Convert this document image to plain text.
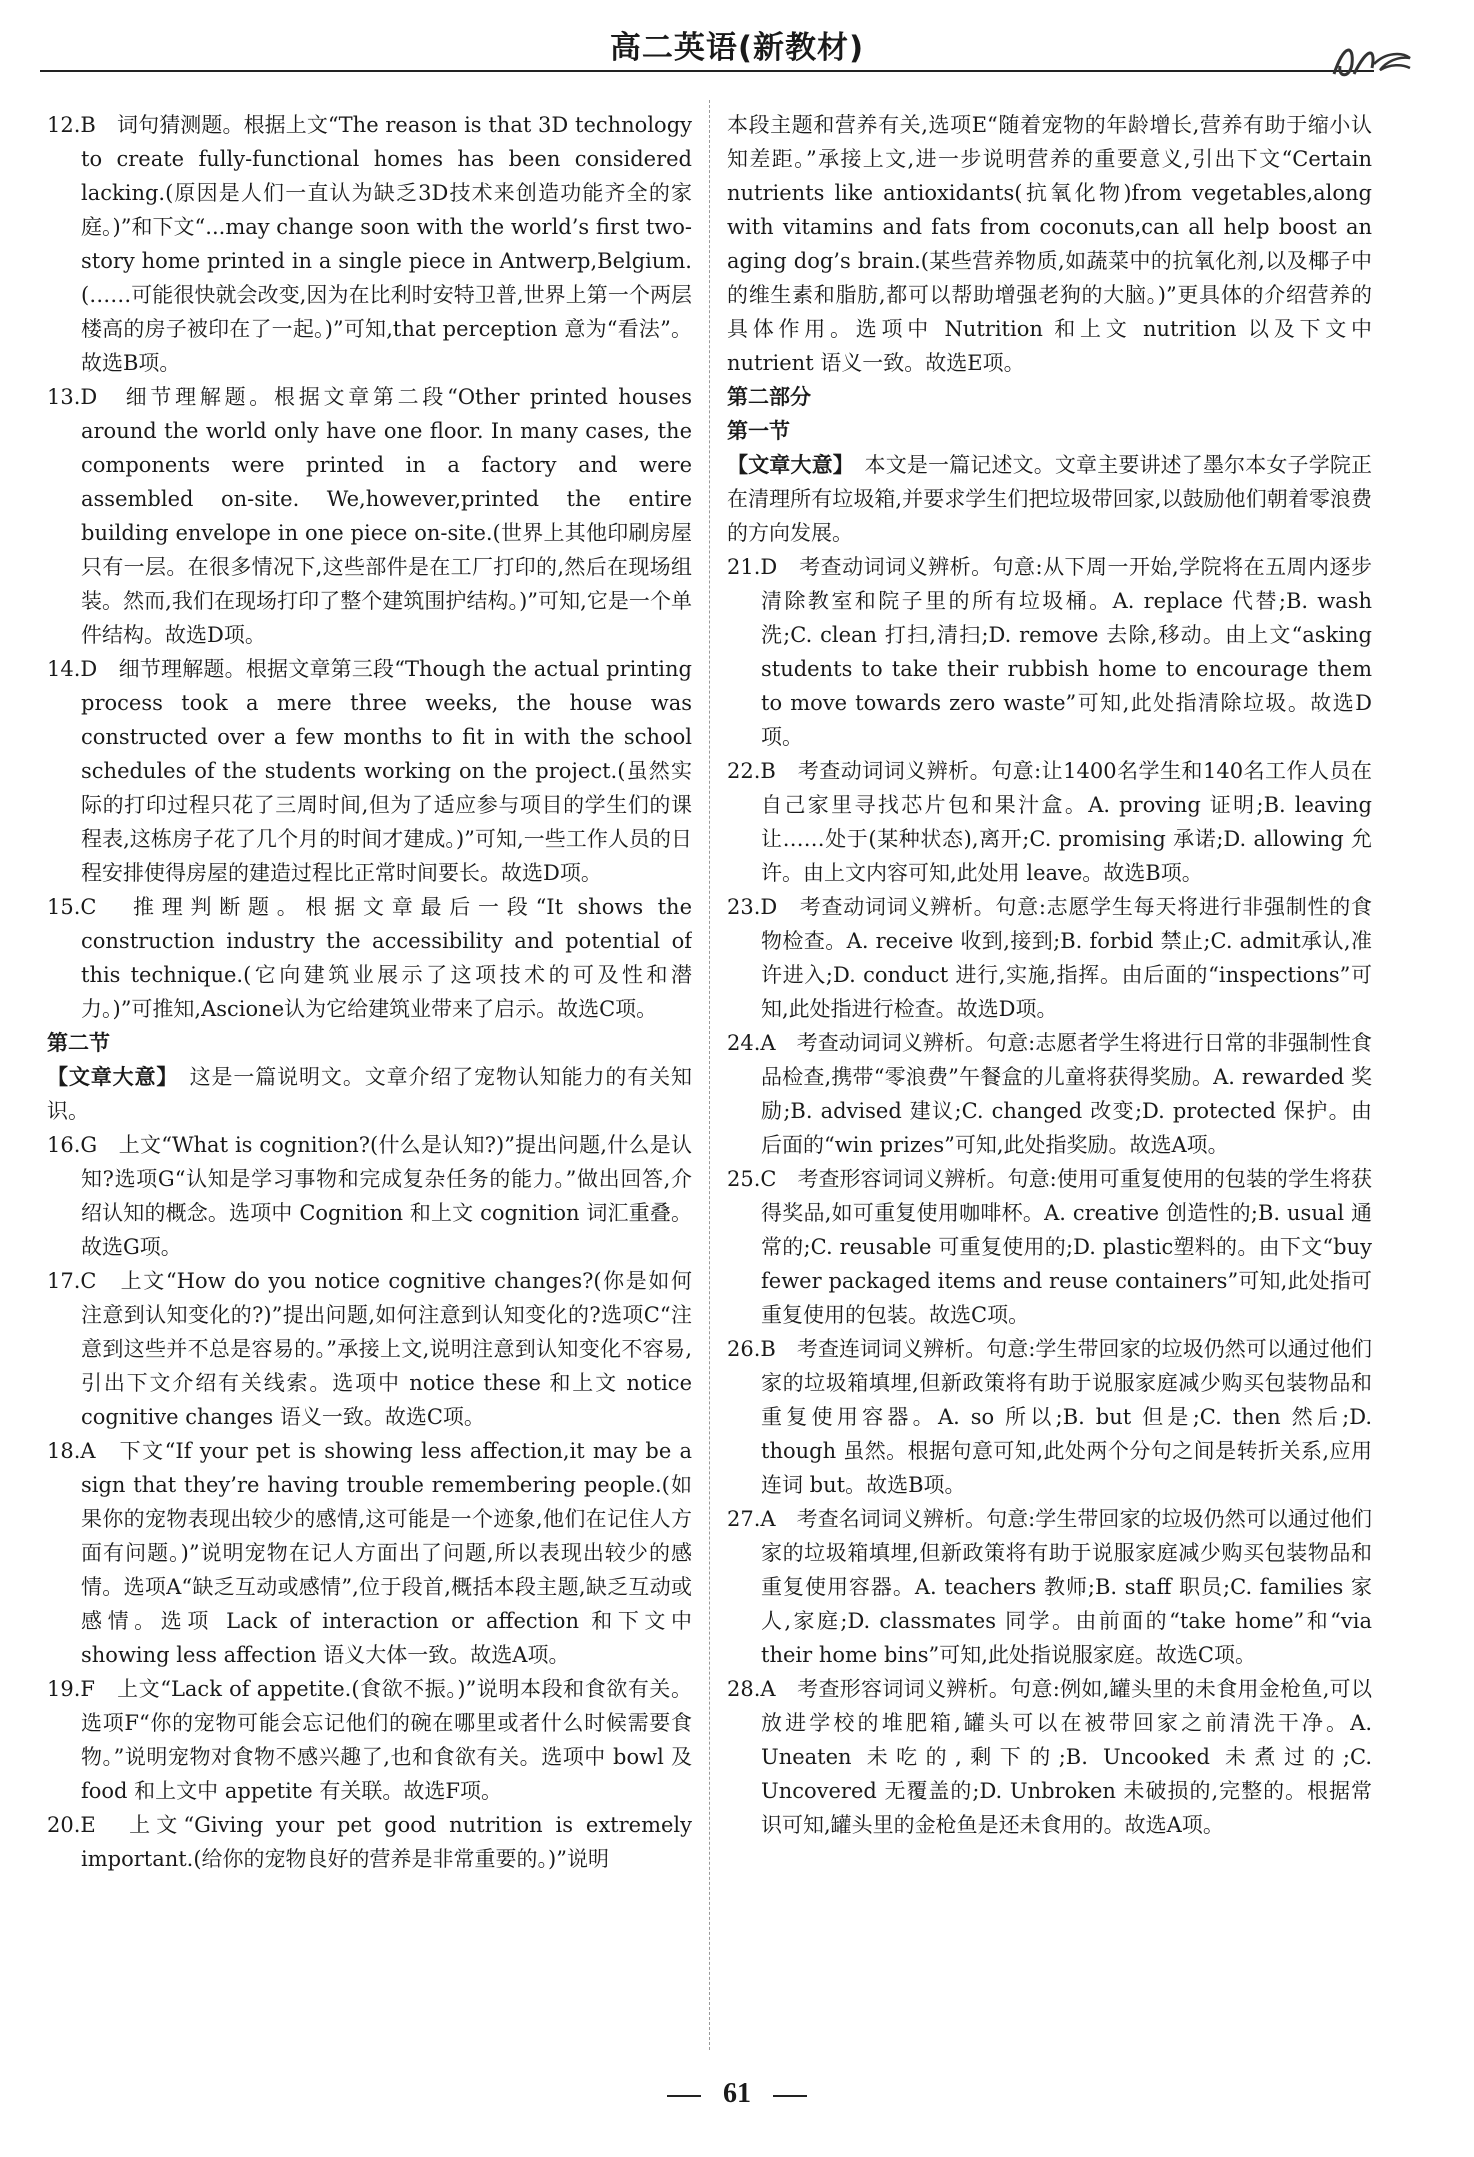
高二英语(新教材)

12.B　词句猜测题。根据上文“The reason is that 3D technology to create fully-functional homes has been considered lacking.(原因是人们一直认为缺乏3D技术来创造功能齐全的家庭。)”和下文“...may change soon with the world’s first two-story home printed in a single piece in Antwerp,Belgium.(……可能很快就会改变,因为在比利时安特卫普,世界上第一个两层楼高的房子被印在了一起。)”可知,that perception 意为“看法”。故选B项。

13.D　细节理解题。根据文章第二段“Other printed houses around the world only have one floor. In many cases, the components were printed in a factory and were assembled on-site. We,however,printed the entire building envelope in one piece on-site.(世界上其他印刷房屋只有一层。在很多情况下,这些部件是在工厂打印的,然后在现场组装。然而,我们在现场打印了整个建筑围护结构。)”可知,它是一个单件结构。故选D项。

14.D　细节理解题。根据文章第三段“Though the actual printing process took a mere three weeks, the house was constructed over a few months to fit in with the school schedules of the students working on the project.(虽然实际的打印过程只花了三周时间,但为了适应参与项目的学生们的课程表,这栋房子花了几个月的时间才建成。)”可知,一些工作人员的日程安排使得房屋的建造过程比正常时间要长。故选D项。

15.C　推理判断题。根据文章最后一段“It shows the construction industry the accessibility and potential of this technique.(它向建筑业展示了这项技术的可及性和潜力。)”可推知,Ascione认为它给建筑业带来了启示。故选C项。

第二节

【文章大意】　这是一篇说明文。文章介绍了宠物认知能力的有关知识。

16.G　上文“What is cognition?(什么是认知?)”提出问题,什么是认知?选项G“认知是学习事物和完成复杂任务的能力。”做出回答,介绍认知的概念。选项中 Cognition 和上文 cognition 词汇重叠。故选G项。

17.C　上文“How do you notice cognitive changes?(你是如何注意到认知变化的?)”提出问题,如何注意到认知变化的?选项C“注意到这些并不总是容易的。”承接上文,说明注意到认知变化不容易,引出下文介绍有关线索。选项中 notice these 和上文 notice cognitive changes 语义一致。故选C项。

18.A　下文“If your pet is showing less affection,it may be a sign that they’re having trouble remembering people.(如果你的宠物表现出较少的感情,这可能是一个迹象,他们在记住人方面有问题。)”说明宠物在记人方面出了问题,所以表现出较少的感情。选项A“缺乏互动或感情”,位于段首,概括本段主题,缺乏互动或感情。选项 Lack of interaction or affection 和下文中 showing less affection 语义大体一致。故选A项。

19.F　上文“Lack of appetite.(食欲不振。)”说明本段和食欲有关。选项F“你的宠物可能会忘记他们的碗在哪里或者什么时候需要食物。”说明宠物对食物不感兴趣了,也和食欲有关。选项中 bowl 及 food 和上文中 appetite 有关联。故选F项。

20.E　上文“Giving your pet good nutrition is extremely important.(给你的宠物良好的营养是非常重要的。)”说明

本段主题和营养有关,选项E“随着宠物的年龄增长,营养有助于缩小认知差距。”承接上文,进一步说明营养的重要意义,引出下文“Certain nutrients like antioxidants(抗氧化物)from vegetables,along with vitamins and fats from coconuts,can all help boost an aging dog’s brain.(某些营养物质,如蔬菜中的抗氧化剂,以及椰子中的维生素和脂肪,都可以帮助增强老狗的大脑。)”更具体的介绍营养的具体作用。选项中 Nutrition 和上文 nutrition 以及下文中 nutrient 语义一致。故选E项。

第二部分

第一节

【文章大意】　本文是一篇记述文。文章主要讲述了墨尔本女子学院正在清理所有垃圾箱,并要求学生们把垃圾带回家,以鼓励他们朝着零浪费的方向发展。

21.D　考查动词词义辨析。句意:从下周一开始,学院将在五周内逐步清除教室和院子里的所有垃圾桶。A. replace 代替;B. wash 洗;C. clean 打扫,清扫;D. remove 去除,移动。由上文“asking students to take their rubbish home to encourage them to move towards zero waste”可知,此处指清除垃圾。故选D项。

22.B　考查动词词义辨析。句意:让1400名学生和140名工作人员在自己家里寻找芯片包和果汁盒。A. proving 证明;B. leaving 让……处于(某种状态),离开;C. promising 承诺;D. allowing 允许。由上文内容可知,此处用 leave。故选B项。

23.D　考查动词词义辨析。句意:志愿学生每天将进行非强制性的食物检查。A. receive 收到,接到;B. forbid 禁止;C. admit承认,准许进入;D. conduct 进行,实施,指挥。由后面的“inspections”可知,此处指进行检查。故选D项。

24.A　考查动词词义辨析。句意:志愿者学生将进行日常的非强制性食品检查,携带“零浪费”午餐盒的儿童将获得奖励。A. rewarded 奖励;B. advised 建议;C. changed 改变;D. protected 保护。由后面的“win prizes”可知,此处指奖励。故选A项。

25.C　考查形容词词义辨析。句意:使用可重复使用的包装的学生将获得奖品,如可重复使用咖啡杯。A. creative 创造性的;B. usual 通常的;C. reusable 可重复使用的;D. plastic塑料的。由下文“buy fewer packaged items and reuse containers”可知,此处指可重复使用的包装。故选C项。

26.B　考查连词词义辨析。句意:学生带回家的垃圾仍然可以通过他们家的垃圾箱填埋,但新政策将有助于说服家庭减少购买包装物品和重复使用容器。A. so 所以;B. but 但是;C. then 然后;D. though 虽然。根据句意可知,此处两个分句之间是转折关系,应用连词 but。故选B项。

27.A　考查名词词义辨析。句意:学生带回家的垃圾仍然可以通过他们家的垃圾箱填埋,但新政策将有助于说服家庭减少购买包装物品和重复使用容器。A. teachers 教师;B. staff 职员;C. families 家人,家庭;D. classmates 同学。由前面的“take home”和“via their home bins”可知,此处指说服家庭。故选C项。

28.A　考查形容词词义辨析。句意:例如,罐头里的未食用金枪鱼,可以放进学校的堆肥箱,罐头可以在被带回家之前清洗干净。A. Uneaten 未吃的,剩下的;B. Uncooked 未煮过的;C. Uncovered 无覆盖的;D. Unbroken 未破损的,完整的。根据常识可知,罐头里的金枪鱼是还未食用的。故选A项。

61
